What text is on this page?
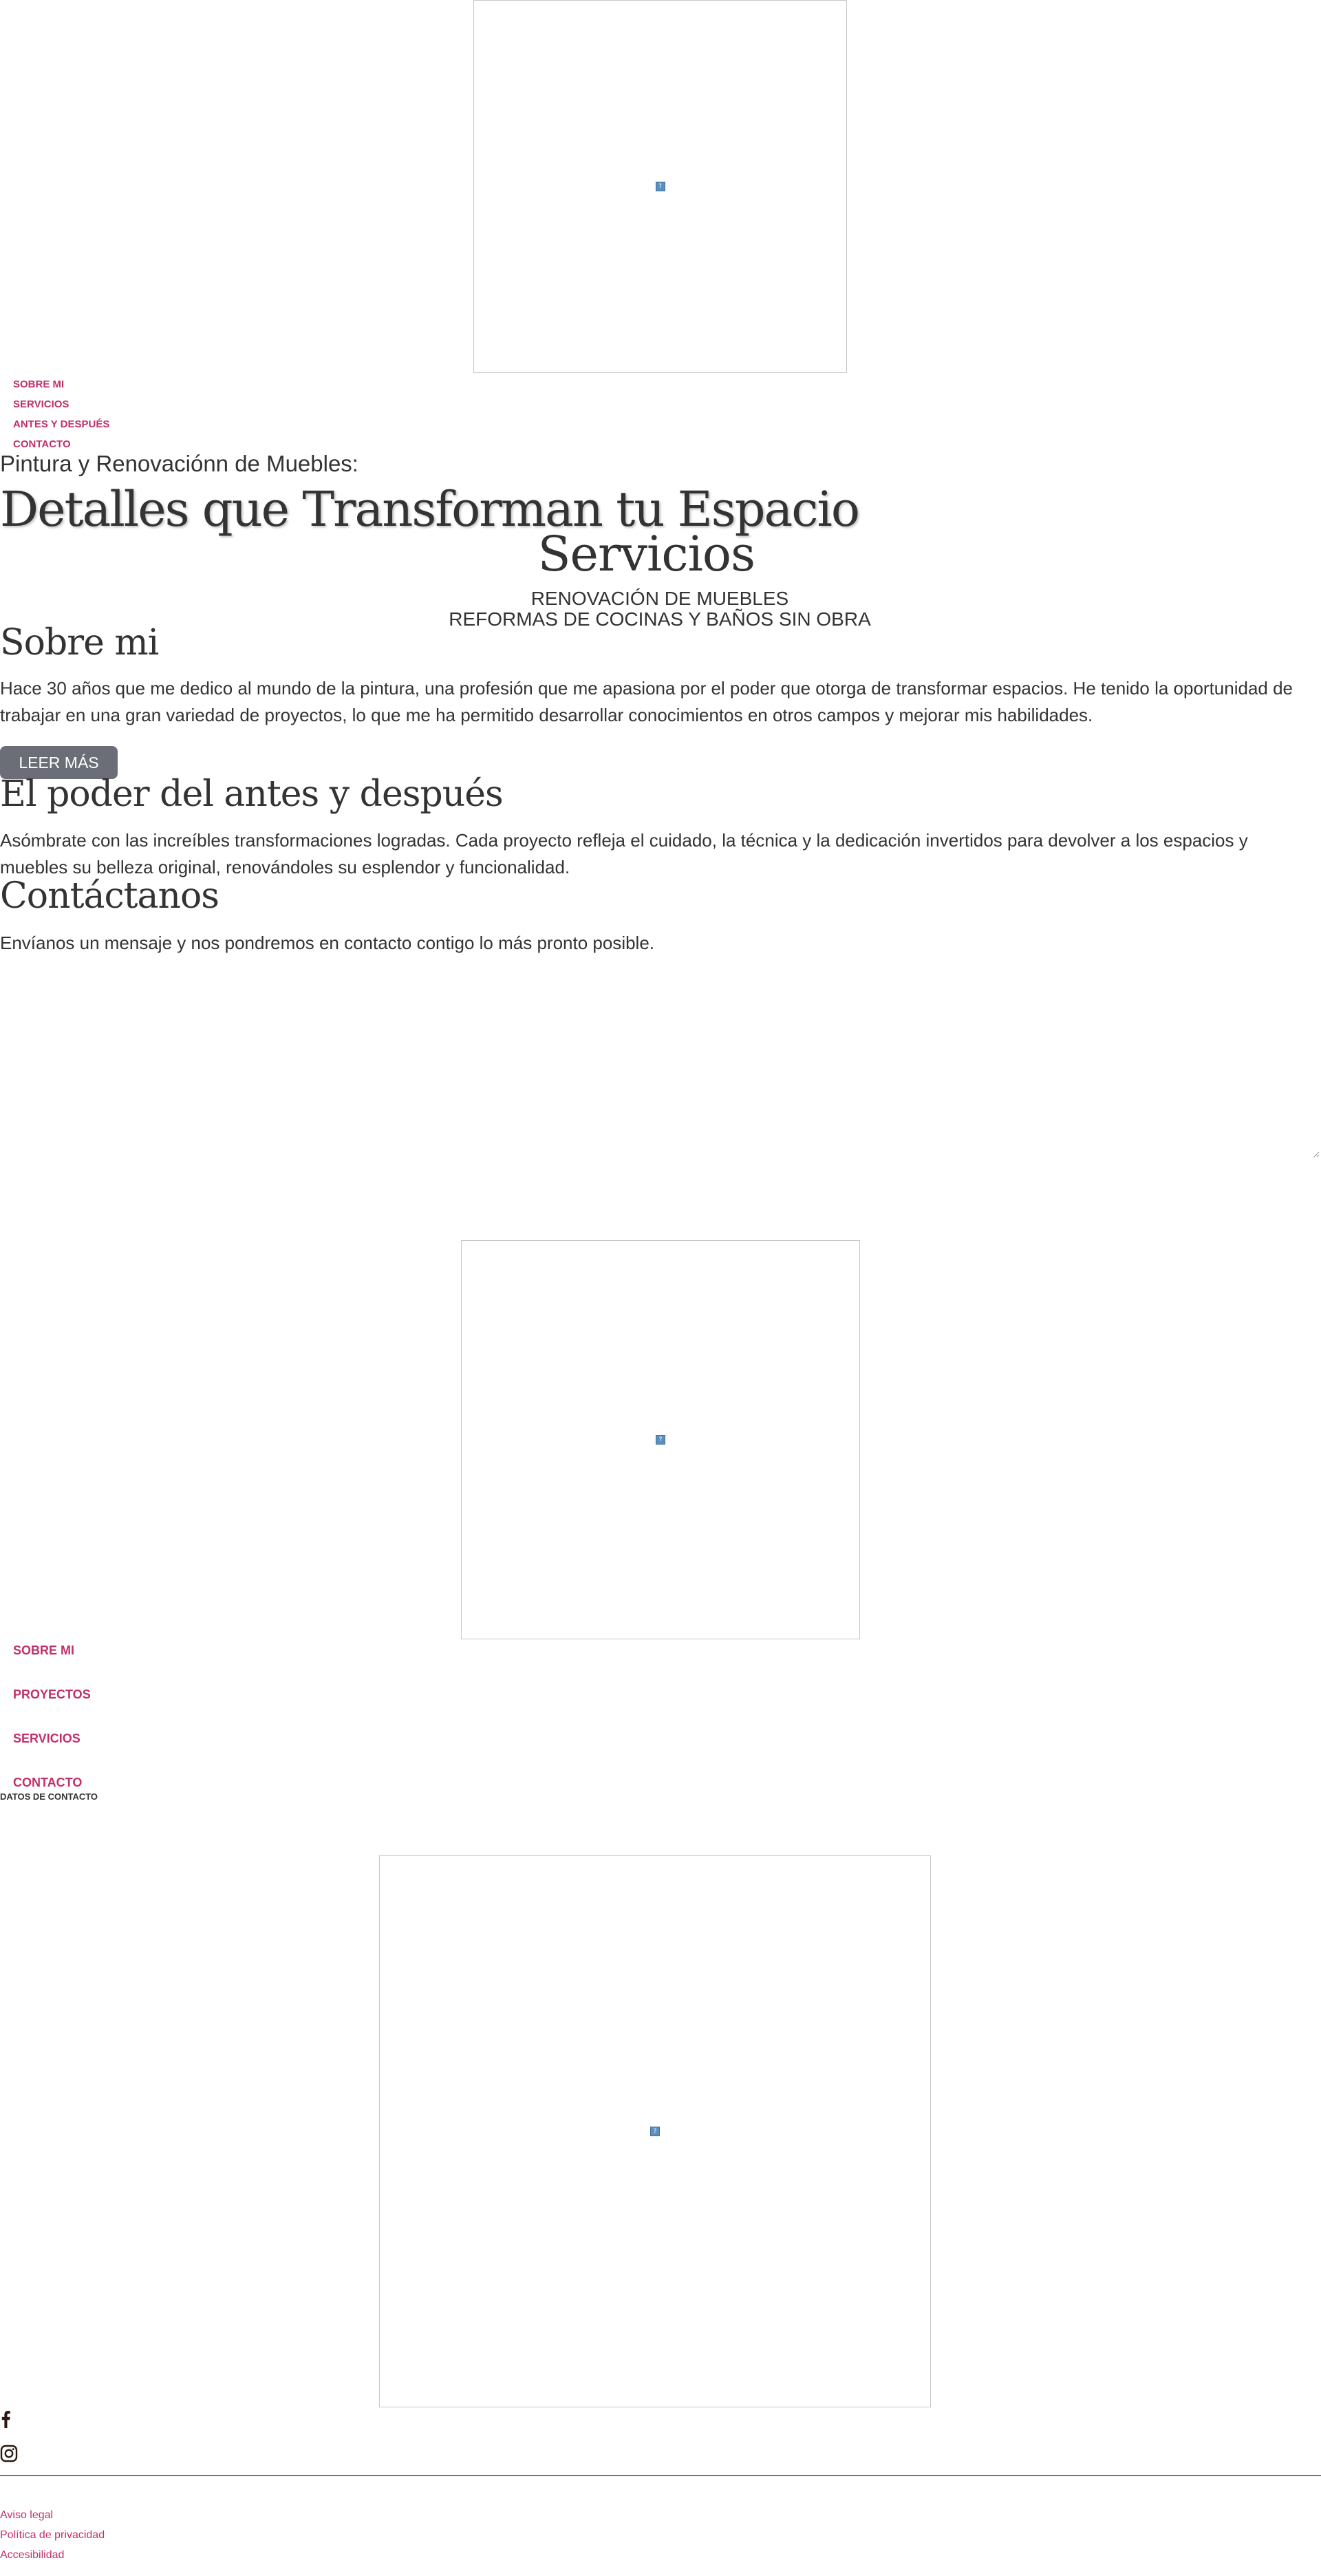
?
SOBRE MI
SERVICIOS
ANTES Y DESPUÉS
CONTACTO
Pintura y Renovaciónn de Muebles:
Detalles que Transforman tu Espacio
Servicios
RENOVACIÓN DE MUEBLES
REFORMAS DE COCINAS Y BAÑOS SIN OBRA
Sobre mi

Hace 30 años que me dedico al mundo de la pintura, una profesión que me apasiona por el poder que otorga de transformar espacios. He tenido la oportunidad de trabajar en una gran variedad de proyectos, lo que me ha permitido desarrollar conocimientos en otros campos y mejorar mis habilidades.

LEER MÁS
El poder del antes y después

Asómbrate con las increíbles transformaciones logradas. Cada proyecto refleja el cuidado, la técnica y la dedicación invertidos para devolver a los espacios y muebles su belleza original, renovándoles su esplendor y funcionalidad.

Contáctanos

Envíanos un mensaje y nos pondremos en contacto contigo lo más pronto posible.

?
SOBRE MI
PROYECTOS
SERVICIOS
CONTACTO
DATOS DE CONTACTO
?
Aviso legal
Política de privacidad
Accesibilidad
